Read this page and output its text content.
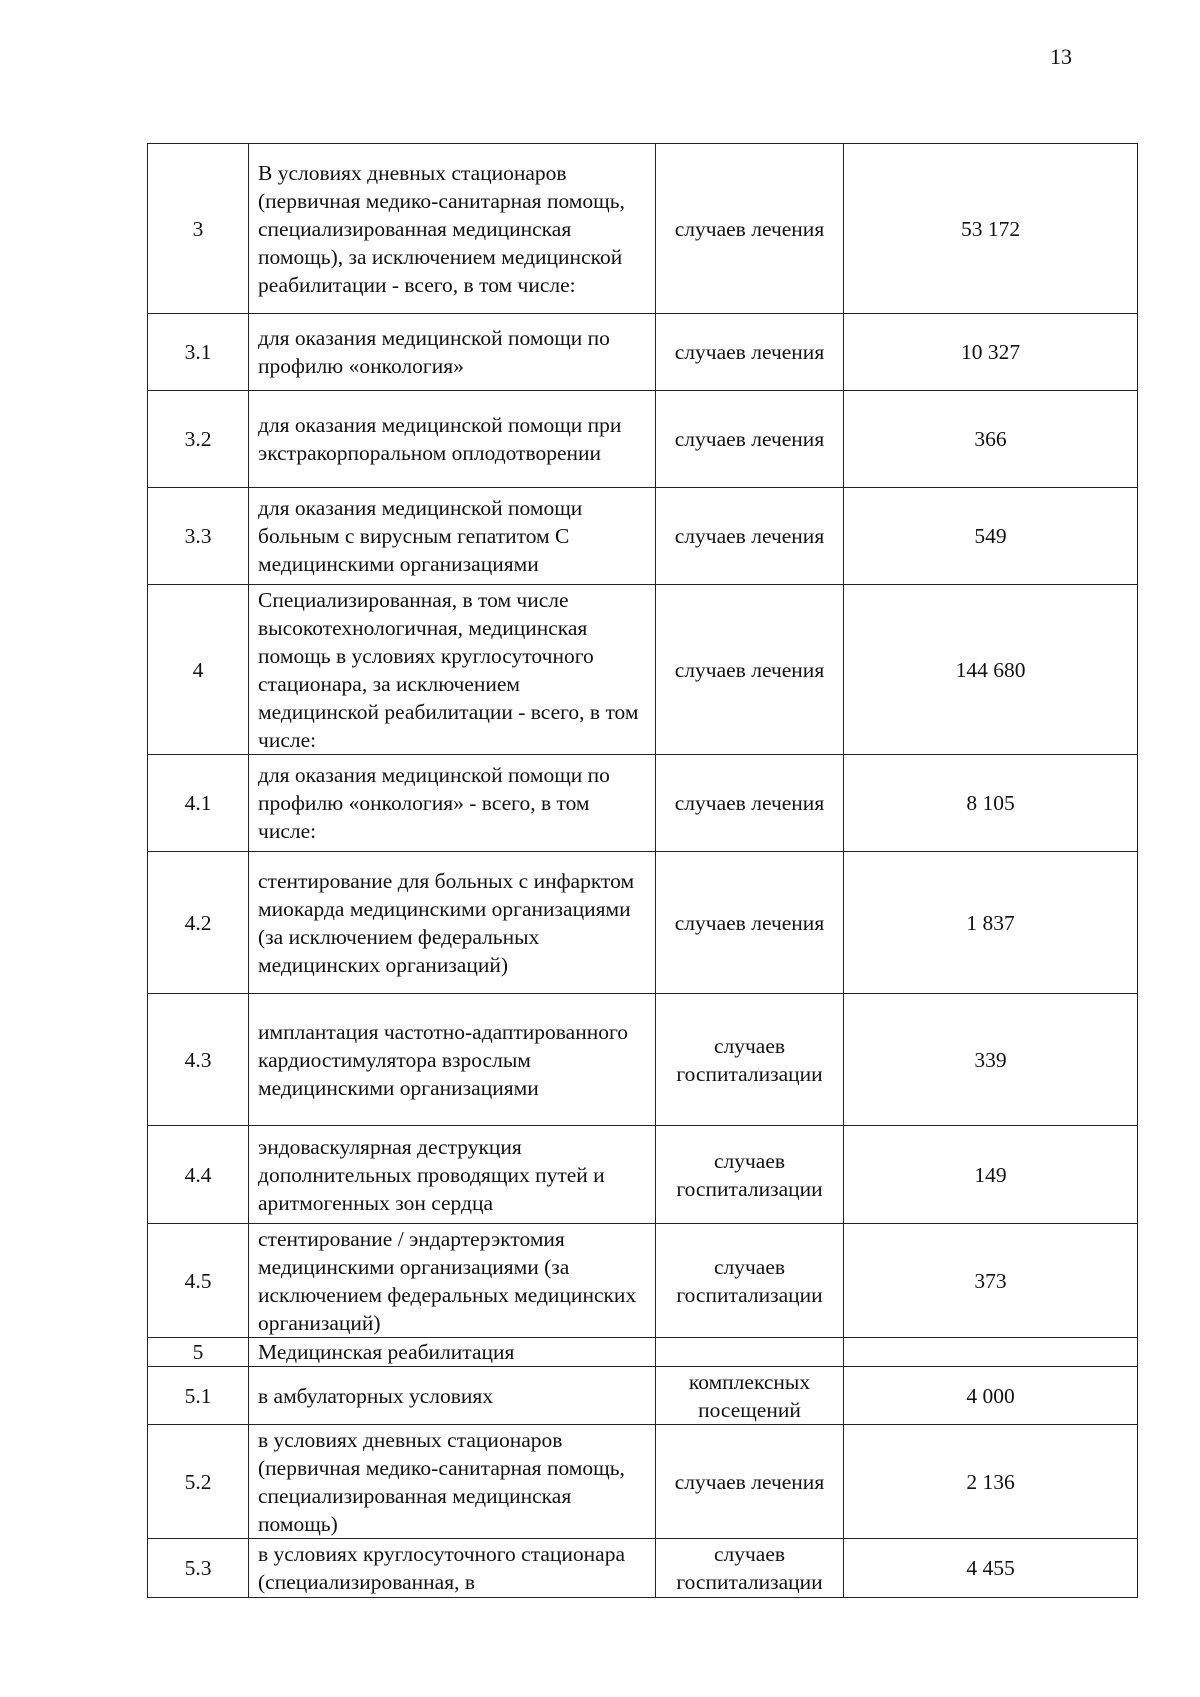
13
3	В условиях дневных стационаров (первичная медико-санитарная помощь, специализированная медицинская помощь), за исключением медицинской реабилитации - всего, в том числе:	случаев лечения	53 172
3.1	для оказания медицинской помощи по профилю «онкология»	случаев лечения	10 327
3.2	для оказания медицинской помощи при экстракорпоральном оплодотворении	случаев лечения	366
3.3	для оказания медицинской помощи больным с вирусным гепатитом С медицинскими организациями	случаев лечения	549
4	Специализированная, в том числе высокотехнологичная, медицинская помощь в условиях круглосуточного стационара, за исключением медицинской реабилитации - всего, в том числе:	случаев лечения	144 680
4.1	для оказания медицинской помощи по профилю «онкология» - всего, в том числе:	случаев лечения	8 105
4.2	стентирование для больных с инфарктом миокарда медицинскими организациями (за исключением федеральных медицинских организаций)	случаев лечения	1 837
4.3	имплантация частотно-адаптированного кардиостимулятора взрослым медицинскими организациями	случаев госпитализации	339
4.4	эндоваскулярная деструкция дополнительных проводящих путей и аритмогенных зон сердца	случаев госпитализации	149
4.5	стентирование / эндартерэктомия медицинскими организациями (за исключением федеральных медицинских организаций)	случаев госпитализации	373
5	Медицинская реабилитация		
5.1	в амбулаторных условиях	комплексных посещений	4 000
5.2	в условиях дневных стационаров (первичная медико-санитарная помощь, специализированная медицинская помощь)	случаев лечения	2 136
5.3	в условиях круглосуточного стационара (специализированная, в	случаев госпитализации	4 455
